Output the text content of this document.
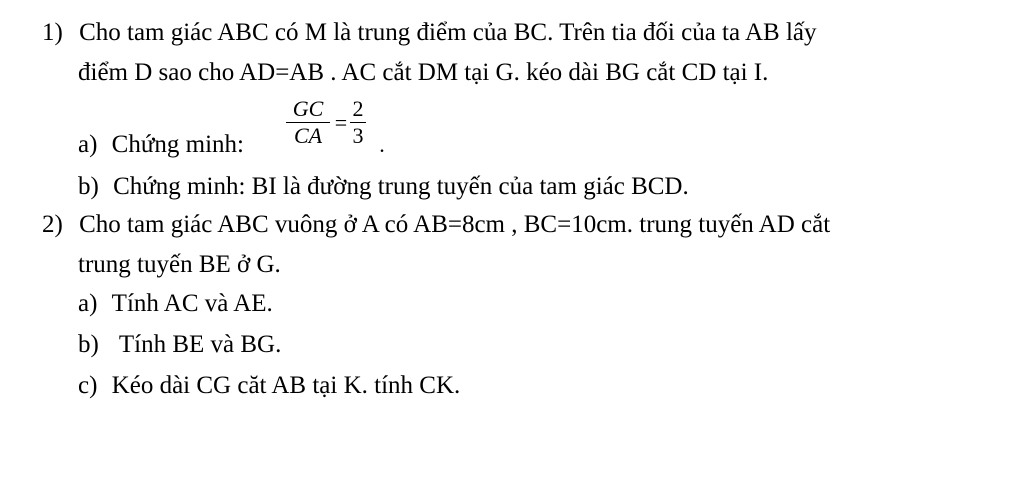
1) Cho tam giác ABC có M là trung điểm của BC. Trên tia đối của ta AB lấy
điểm D sao cho AD=AB . AC cắt DM tại G. kéo dài BG cắt CD tại I.
a) Chứng minh:
GC
CA
=
2
3 .
b) Chứng minh: BI là đường trung tuyến của tam giác BCD.
2) Cho tam giác ABC vuông ở A có AB=8cm , BC=10cm. trung tuyến AD cắt
trung tuyến BE ở G.
a) Tính AC và AE.
b)  Tính BE và BG.
c) Kéo dài CG căt AB tại K. tính CK.
